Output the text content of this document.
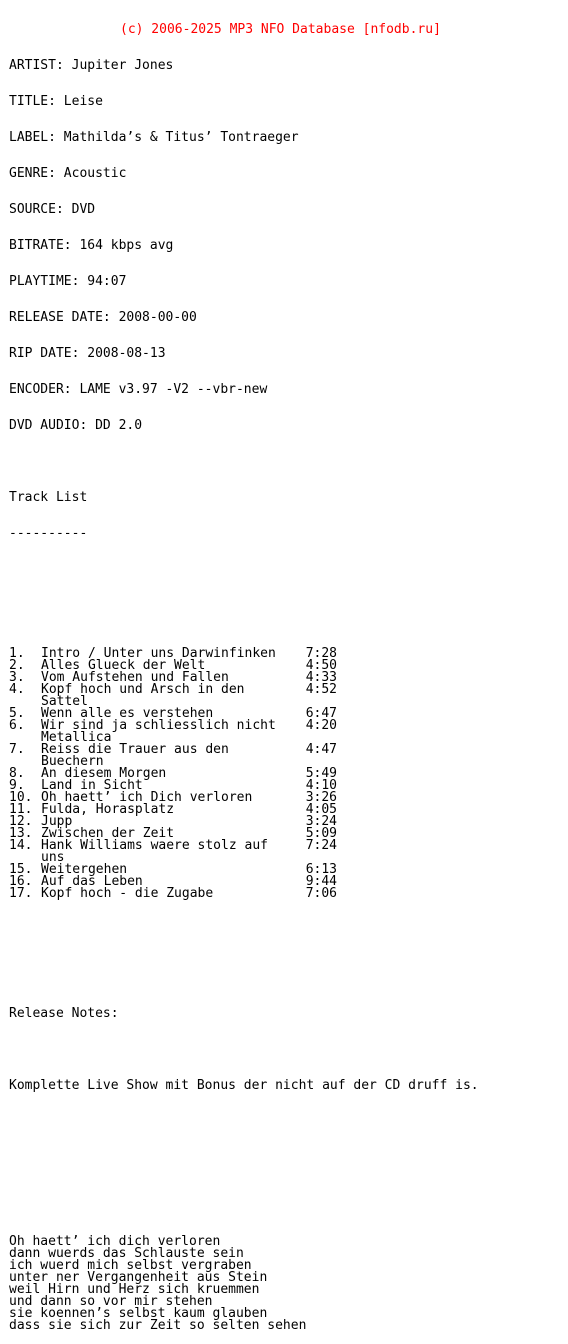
(c) 2006-2025 MP3 NFO Database [nfodb.ru]

ARTIST: Jupiter Jones

TITLE: Leise

LABEL: Mathilda’s & Titus’ Tontraeger

GENRE: Acoustic

SOURCE: DVD

BITRATE: 164 kbps avg

PLAYTIME: 94:07

RELEASE DATE: 2008-00-00

RIP DATE: 2008-08-13

ENCODER: LAME v3.97 -V2 --vbr-new

DVD AUDIO: DD 2.0

Track List

----------

1. Intro / Unter uns Darwinfinken 7:28
2. Alles Glueck der Welt	4:50
3. Vom Aufstehen und Fallen	4:33
4. Kopf hoch und Arsch in den	4:52
Sattel
5. Wenn alle es verstehen	6:47
6. Wir sind ja schliesslich nicht 4:20
Metallica
7. Reiss die Trauer aus den	4:47
Buechern
8. An diesem Morgen	5:49
9. Land in Sicht	4:10
10. Oh haett’ ich Dich verloren	3:26
11. Fulda, Horasplatz	4:05
12. Jupp	3:24
13. Zwischen der Zeit	5:09
14. Hank Williams waere stolz auf	7:24
uns
15. Weitergehen	6:13
16. Auf das Leben	9:44
17. Kopf hoch - die Zugabe	7:06

Release Notes:

Komplette Live Show mit Bonus der nicht auf der CD druff is.

Oh haett’ ich dich verloren
dann wuerds das Schlauste sein
ich wuerd mich selbst vergraben
unter ner Vergangenheit aus Stein
weil Hirn und Herz sich kruemmen
und dann so vor mir stehen
sie koennen’s selbst kaum glauben
dass sie sich zur Zeit so selten sehen
